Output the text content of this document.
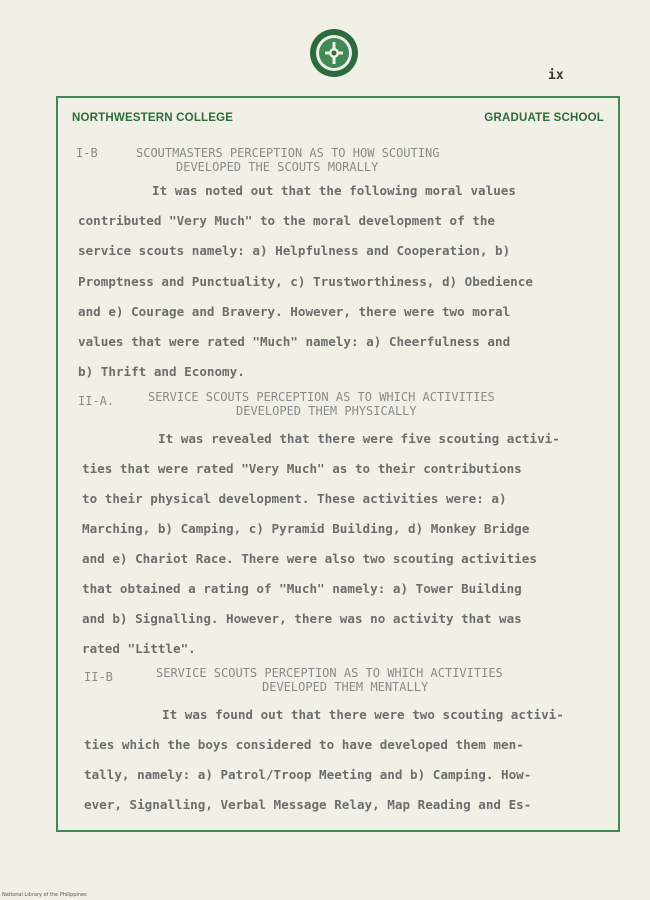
ix
NORTHWESTERN COLLEGE	GRADUATE SCHOOL
I-B	SCOUTMASTERS PERCEPTION AS TO HOW SCOUTING
DEVELOPED THE SCOUTS MORALLY
It was noted out that the following moral values
contributed "Very Much" to the moral development of the
service scouts namely: a) Helpfulness and Cooperation, b)
Promptness and Punctuality, c) Trustworthiness, d) Obedience
and e) Courage and Bravery. However, there were two moral
values that were rated "Much" namely: a) Cheerfulness and
b) Thrift and Economy.
II-A.	SERVICE SCOUTS PERCEPTION AS TO WHICH ACTIVITIES
DEVELOPED THEM PHYSICALLY
It was revealed that there were five scouting activi-
ties that were rated "Very Much" as to their contributions
to their physical development. These activities were: a)
Marching, b) Camping, c) Pyramid Building, d) Monkey Bridge
and e) Chariot Race. There were also two scouting activities
that obtained a rating of "Much" namely: a) Tower Building
and b) Signalling. However, there was no activity that was
rated "Little".
II-B	SERVICE SCOUTS PERCEPTION AS TO WHICH ACTIVITIES
DEVELOPED THEM MENTALLY
It was found out that there were two scouting activi-
ties which the boys considered to have developed them men-
tally, namely: a) Patrol/Troop Meeting and b) Camping. How-
ever, Signalling, Verbal Message Relay, Map Reading and Es-
National Library of the Philippines
